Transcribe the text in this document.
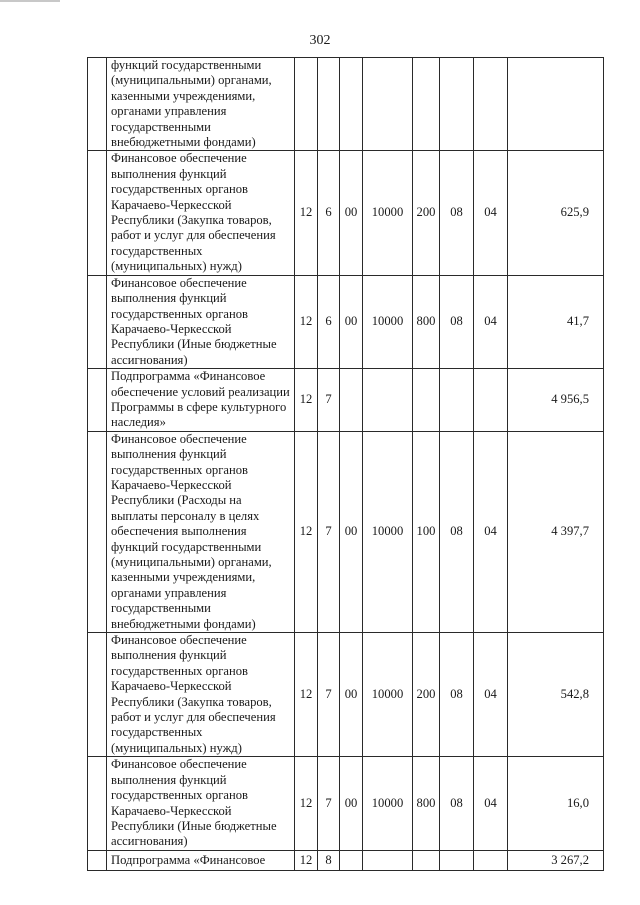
302
	функций государственными (муниципальными) органами, казенными учреждениями, органами управления государственными внебюджетными фондами)								
	Финансовое обеспечение выполнения функций государственных органов Карачаево-Черкесской Республики (Закупка товаров, работ и услуг для обеспечения государственных (муниципальных) нужд)	12	6	00	10000	200	08	04	625,9
	Финансовое обеспечение выполнения функций государственных органов Карачаево-Черкесской Республики (Иные бюджетные ассигнования)	12	6	00	10000	800	08	04	41,7
	Подпрограмма «Финансовое обеспечение условий реализации Программы в сфере культурного наследия»	12	7						4 956,5
	Финансовое обеспечение выполнения функций государственных органов Карачаево-Черкесской Республики (Расходы на выплаты персоналу в целях обеспечения выполнения функций государственными (муниципальными) органами, казенными учреждениями, органами управления государственными внебюджетными фондами)	12	7	00	10000	100	08	04	4 397,7
	Финансовое обеспечение выполнения функций государственных органов Карачаево-Черкесской Республики (Закупка товаров, работ и услуг для обеспечения государственных (муниципальных) нужд)	12	7	00	10000	200	08	04	542,8
	Финансовое обеспечение выполнения функций государственных органов Карачаево-Черкесской Республики (Иные бюджетные ассигнования)	12	7	00	10000	800	08	04	16,0
	Подпрограмма «Финансовое	12	8						3 267,2
